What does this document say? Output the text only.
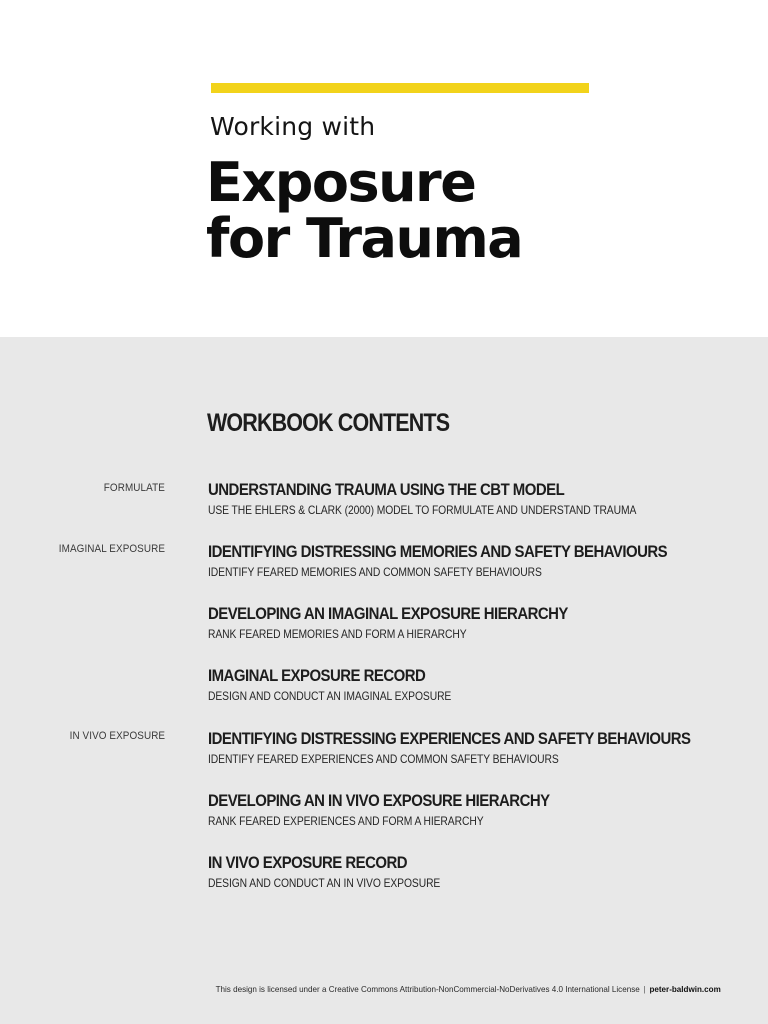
Working with
Exposure
for Trauma
WORKBOOK CONTENTS
FORMULATE
IMAGINAL EXPOSURE
IN VIVO EXPOSURE
UNDERSTANDING TRAUMA USING THE CBT MODEL
USE THE EHLERS & CLARK (2000) MODEL TO FORMULATE AND UNDERSTAND TRAUMA
IDENTIFYING DISTRESSING MEMORIES AND SAFETY BEHAVIOURS
IDENTIFY FEARED MEMORIES AND COMMON SAFETY BEHAVIOURS
DEVELOPING AN IMAGINAL EXPOSURE HIERARCHY
RANK FEARED MEMORIES AND FORM A HIERARCHY
IMAGINAL EXPOSURE RECORD
DESIGN AND CONDUCT AN IMAGINAL EXPOSURE
IDENTIFYING DISTRESSING EXPERIENCES AND SAFETY BEHAVIOURS
IDENTIFY FEARED EXPERIENCES AND COMMON SAFETY BEHAVIOURS
DEVELOPING AN IN VIVO EXPOSURE HIERARCHY
RANK FEARED EXPERIENCES AND FORM A HIERARCHY
IN VIVO EXPOSURE RECORD
DESIGN AND CONDUCT AN IN VIVO EXPOSURE
This design is licensed under a Creative Commons Attribution-NonCommercial-NoDerivatives 4.0 International License | peter-baldwin.com
